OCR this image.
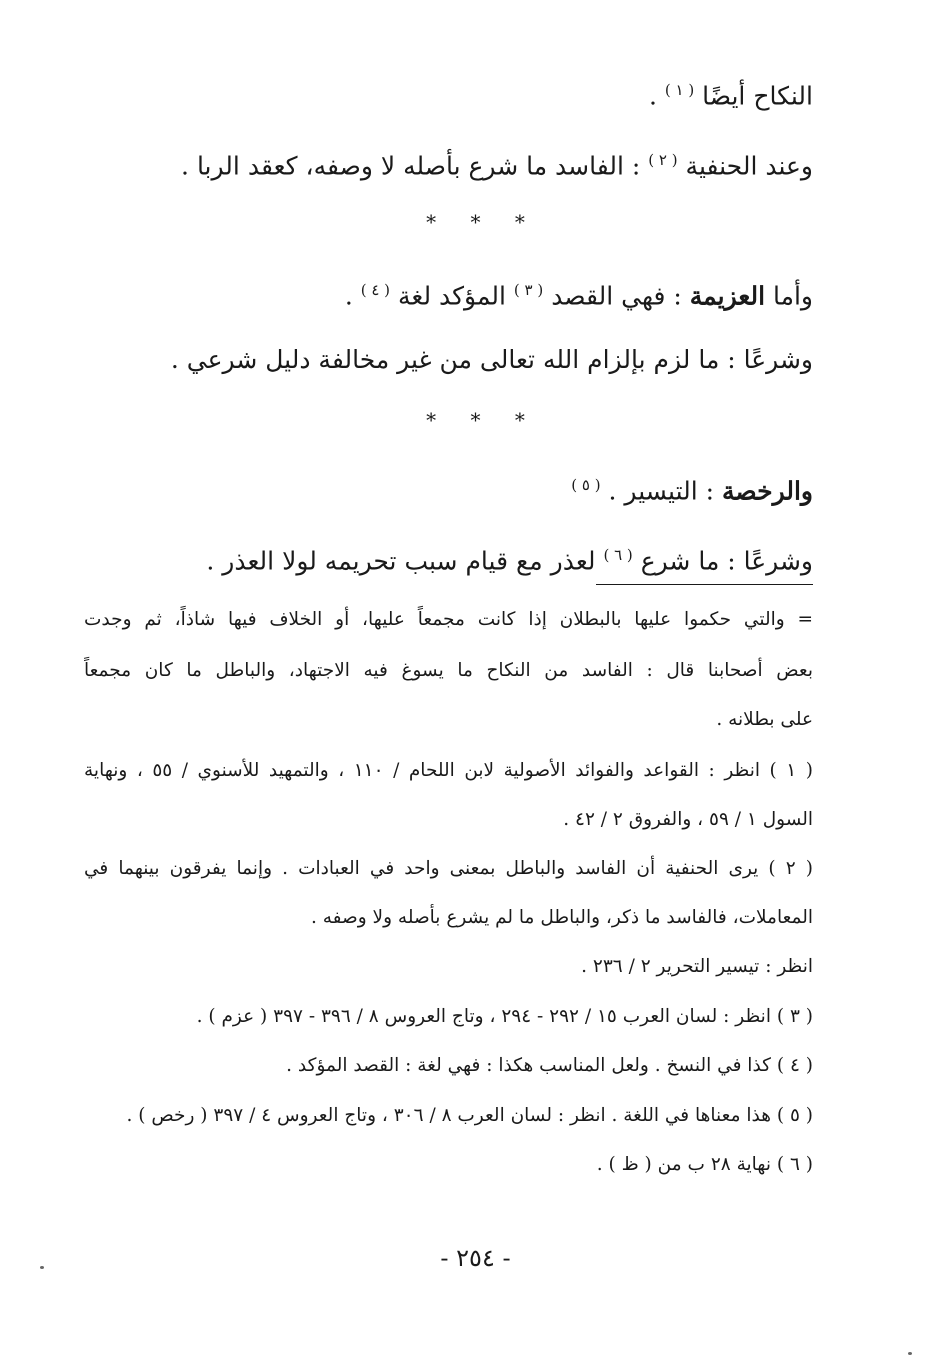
النكاح أيضًا $^{( ١ )}$ .
وعند الحنفية $^{( ٢ )}$ : الفاسد ما شرع بأصله لا وصفه، كعقد الربا .
* * *
وأما العزيمة : فهي القصد $^{( ٣ )}$ المؤكد لغة $^{( ٤ )}$ .
وشرعًا : ما لزم بإلزام الله تعالى من غير مخالفة دليل شرعي .
* * *
والرخصة : التيسير . $^{( ٥ )}$
وشرعًا : ما شرع $^{( ٦ )}$ لعذر مع قيام سبب تحريمه لولا العذر .
= والتي حكموا عليها بالبطلان إذا كانت مجمعاً عليها، أو الخلاف فيها شاذاً، ثم وجدت
بعض أصحابنا قال : الفاسد من النكاح ما يسوغ فيه الاجتهاد، والباطل ما كان مجمعاً
على بطلانه .
( ١ ) انظر : القواعد والفوائد الأصولية لابن اللحام / ١١٠ ، والتمهيد للأسنوي / ٥٥ ، ونهاية
السول ١ / ٥٩ ، والفروق ٢ / ٤٢ .
( ٢ ) يرى الحنفية أن الفاسد والباطل بمعنى واحد في العبادات . وإنما يفرقون بينهما في
المعاملات، فالفاسد ما ذكر، والباطل ما لم يشرع بأصله ولا وصفه .
انظر : تيسير التحرير ٢ / ٢٣٦ .
( ٣ ) انظر : لسان العرب ١٥ / ٢٩٢ - ٢٩٤ ، وتاج العروس ٨ / ٣٩٦ - ٣٩٧ ( عزم ) .
( ٤ ) كذا في النسخ . ولعل المناسب هكذا : فهي لغة : القصد المؤكد .
( ٥ ) هذا معناها في اللغة . انظر : لسان العرب ٨ / ٣٠٦ ، وتاج العروس ٤ / ٣٩٧ ( رخص ) .
( ٦ ) نهاية ٢٨ ب من ( ظ ) .
- ٢٥٤ -
